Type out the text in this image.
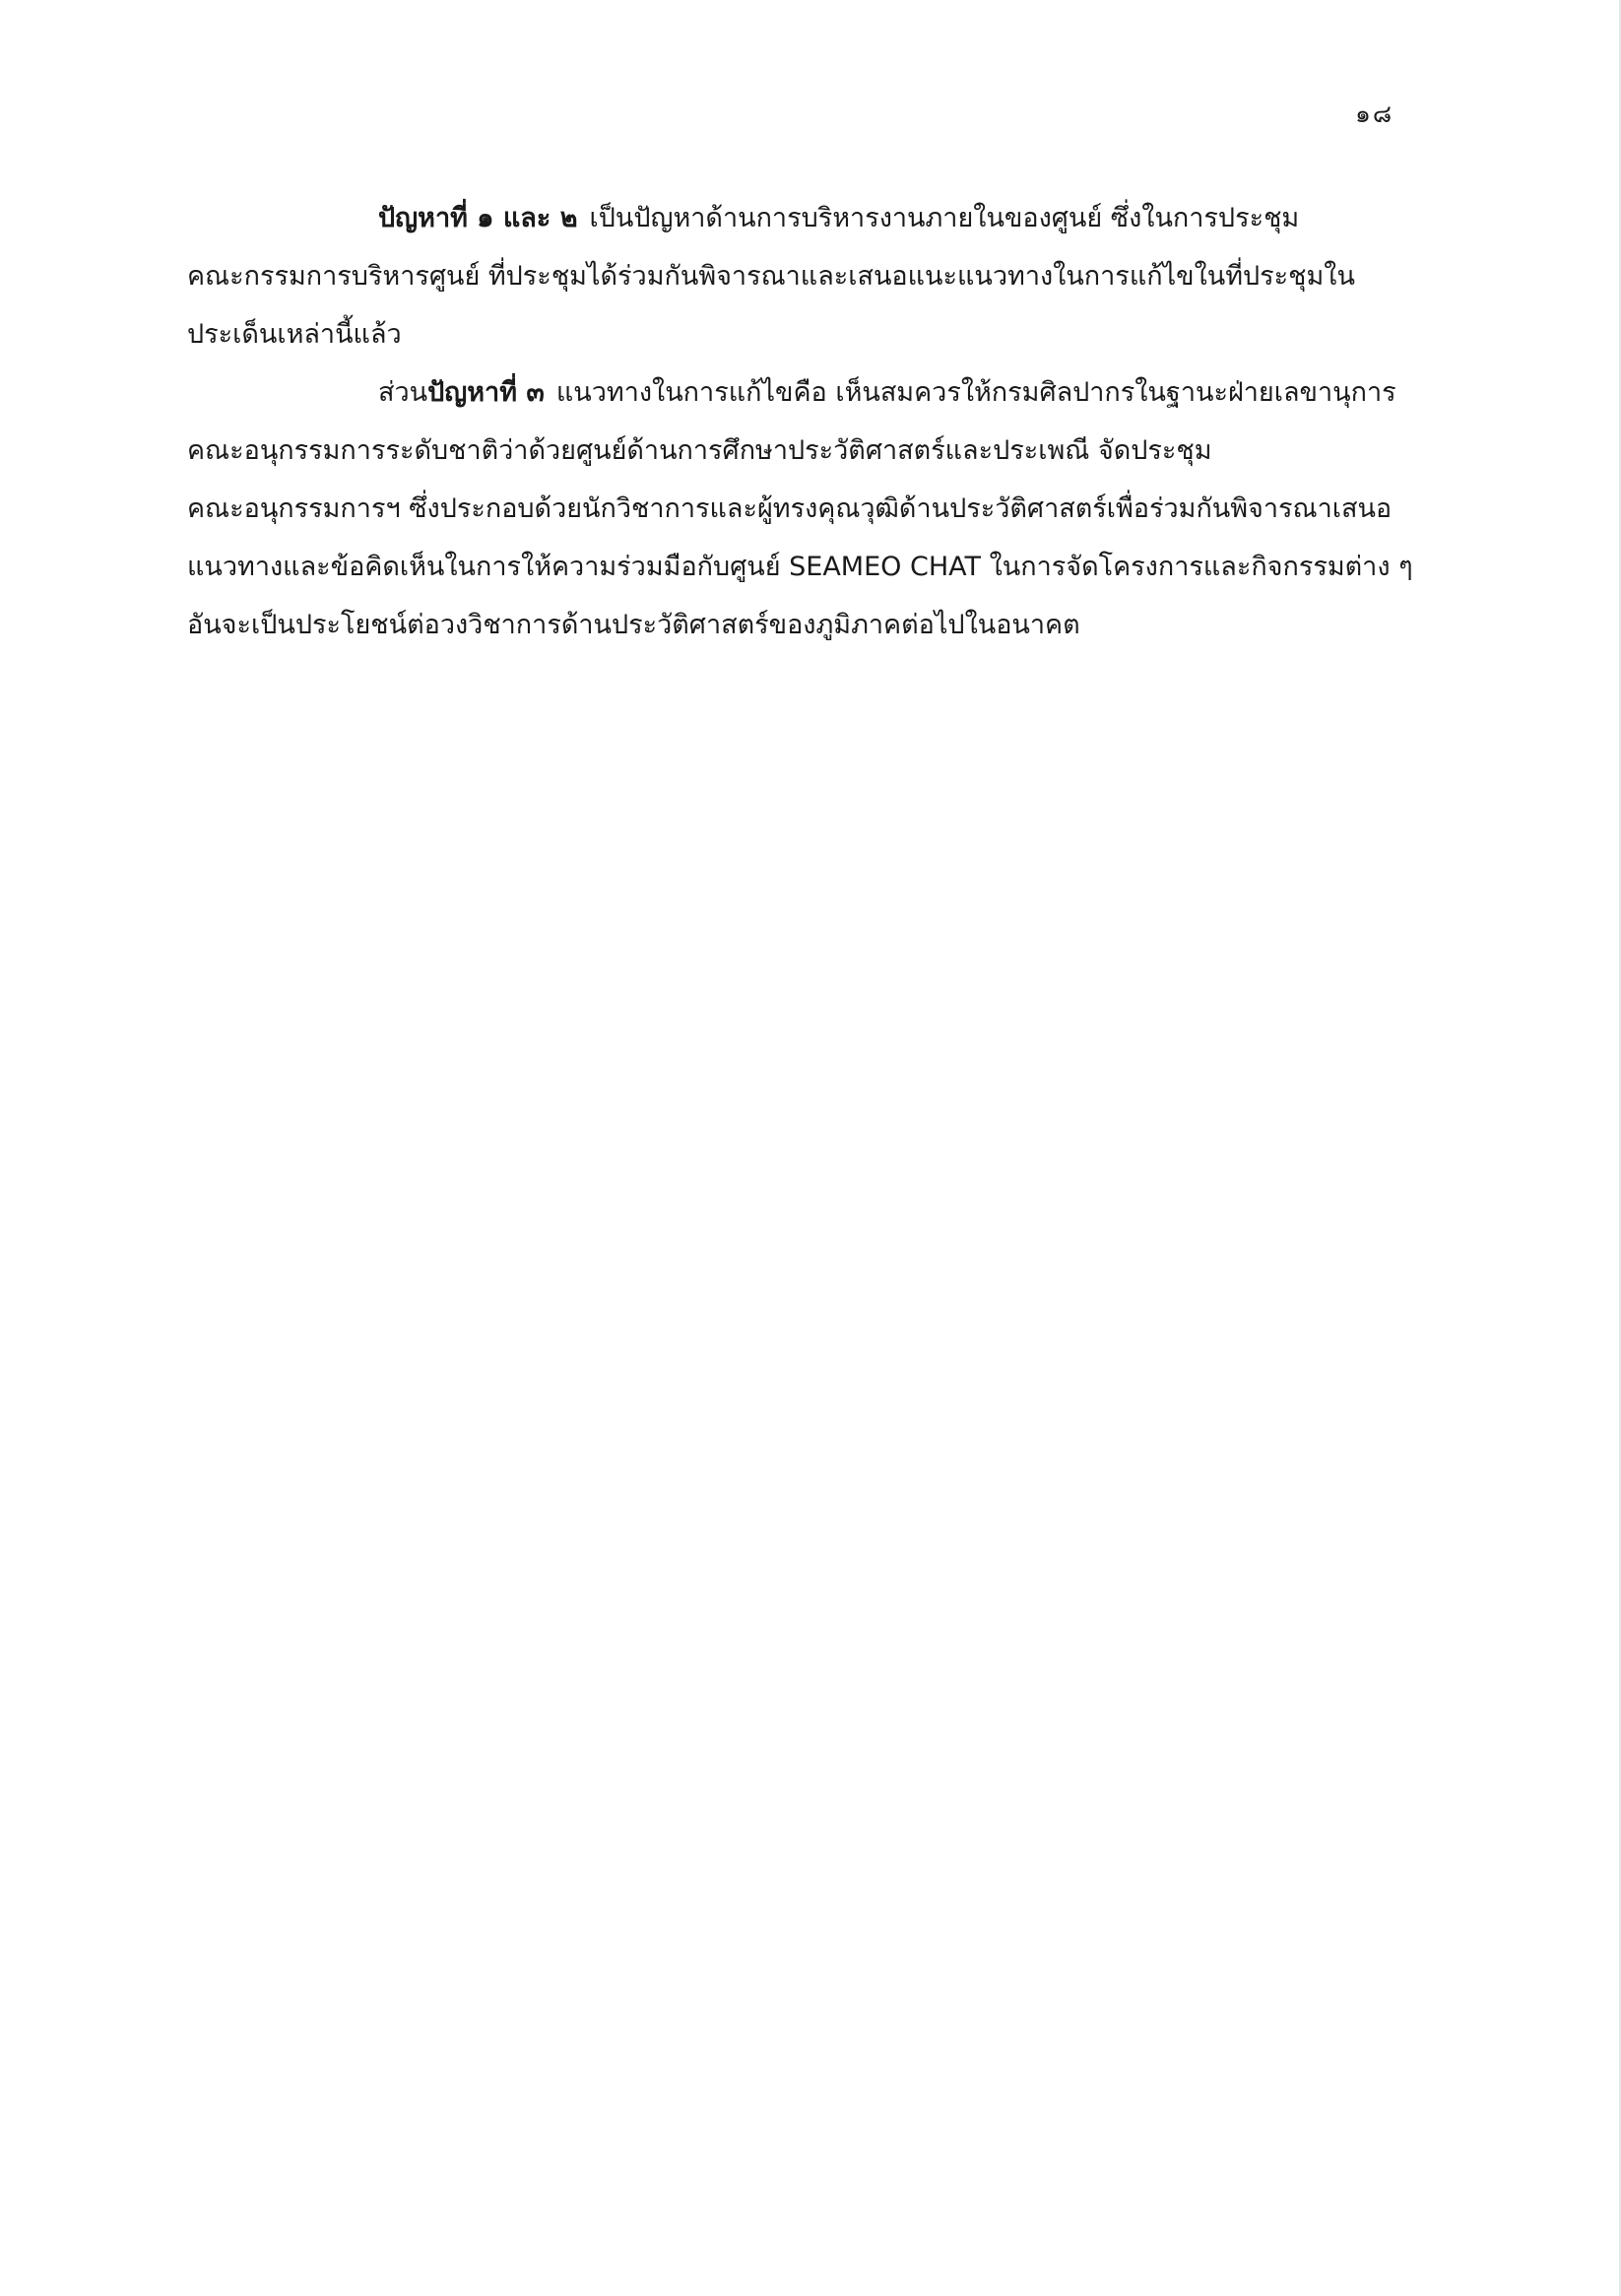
๑๘
ปัญหาที่ ๑ และ ๒ เป็นปัญหาด้านการบริหารงานภายในของศูนย์ ซึ่งในการประชุม
คณะกรรมการบริหารศูนย์ ที่ประชุมได้ร่วมกันพิจารณาและเสนอแนะแนวทางในการแก้ไขในที่ประชุมใน
ประเด็นเหล่านี้แล้ว
ส่วนปัญหาที่ ๓ แนวทางในการแก้ไขคือ เห็นสมควรให้กรมศิลปากรในฐานะฝ่ายเลขานุการ
คณะอนุกรรมการระดับชาติว่าด้วยศูนย์ด้านการศึกษาประวัติศาสตร์และประเพณี จัดประชุม
คณะอนุกรรมการฯ ซึ่งประกอบด้วยนักวิชาการและผู้ทรงคุณวุฒิด้านประวัติศาสตร์เพื่อร่วมกันพิจารณาเสนอ
แนวทางและข้อคิดเห็นในการให้ความร่วมมือกับศูนย์ SEAMEO CHAT ในการจัดโครงการและกิจกรรมต่าง ๆ
อันจะเป็นประโยชน์ต่อวงวิชาการด้านประวัติศาสตร์ของภูมิภาคต่อไปในอนาคต
